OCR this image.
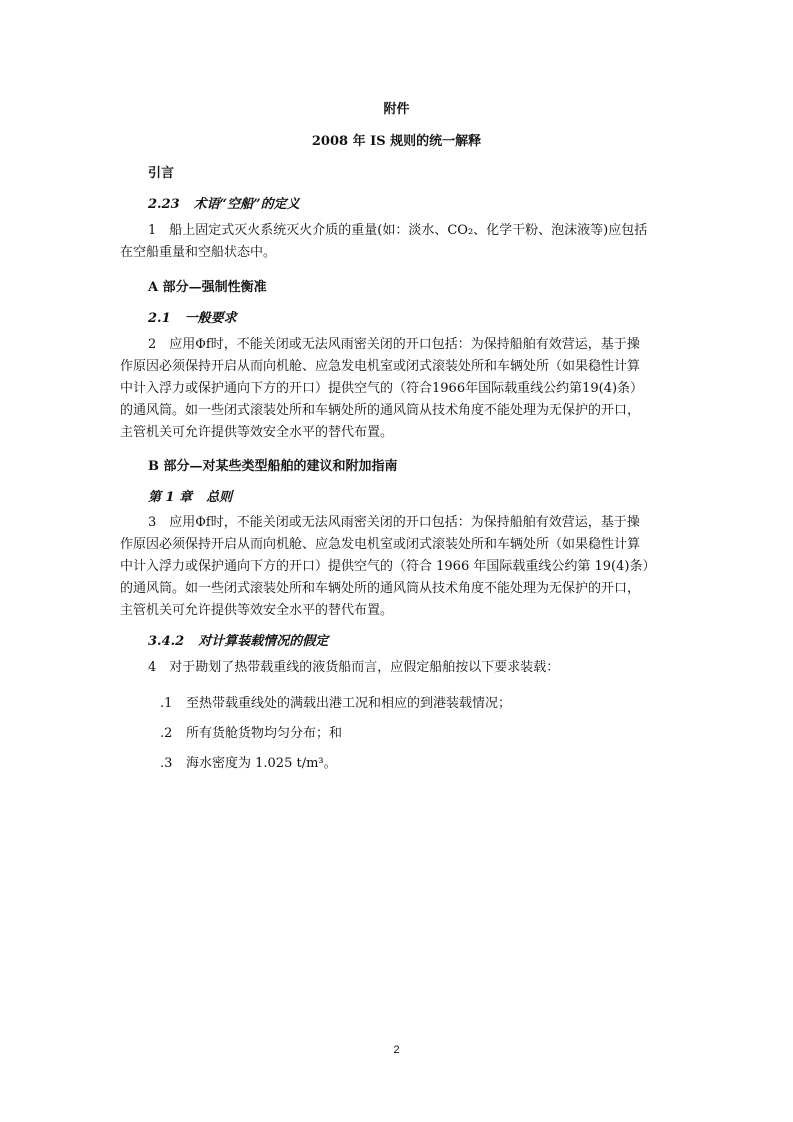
附件
2008 年 IS 规则的统一解释
引言
2.23 术语“空船”的定义
1　船上固定式灭火系统灭火介质的重量(如：淡水、CO₂、化学干粉、泡沫液等)应包括
在空船重量和空船状态中。
A 部分—强制性衡准
2.1 一般要求
2　应用Φf时，不能关闭或无法风雨密关闭的开口包括：为保持船舶有效营运，基于操
作原因必须保持开启从而向机舱、应急发电机室或闭式滚装处所和车辆处所（如果稳性计算
中计入浮力或保护通向下方的开口）提供空气的（符合1966年国际载重线公约第19(4)条）
的通风筒。如一些闭式滚装处所和车辆处所的通风筒从技术角度不能处理为无保护的开口，
主管机关可允许提供等效安全水平的替代布置。
B 部分—对某些类型船舶的建议和附加指南
第 1 章 总则
3　应用Φf时，不能关闭或无法风雨密关闭的开口包括：为保持船舶有效营运，基于操
作原因必须保持开启从而向机舱、应急发电机室或闭式滚装处所和车辆处所（如果稳性计算
中计入浮力或保护通向下方的开口）提供空气的（符合 1966 年国际载重线公约第 19(4)条）
的通风筒。如一些闭式滚装处所和车辆处所的通风筒从技术角度不能处理为无保护的开口，
主管机关可允许提供等效安全水平的替代布置。
3.4.2 对计算装载情况的假定
4　对于勘划了热带载重线的液货船而言，应假定船舶按以下要求装载：
.1 至热带载重线处的满载出港工况和相应的到港装载情况；
.2 所有货舱货物均匀分布；和
.3 海水密度为 1.025 t/m³。
2
